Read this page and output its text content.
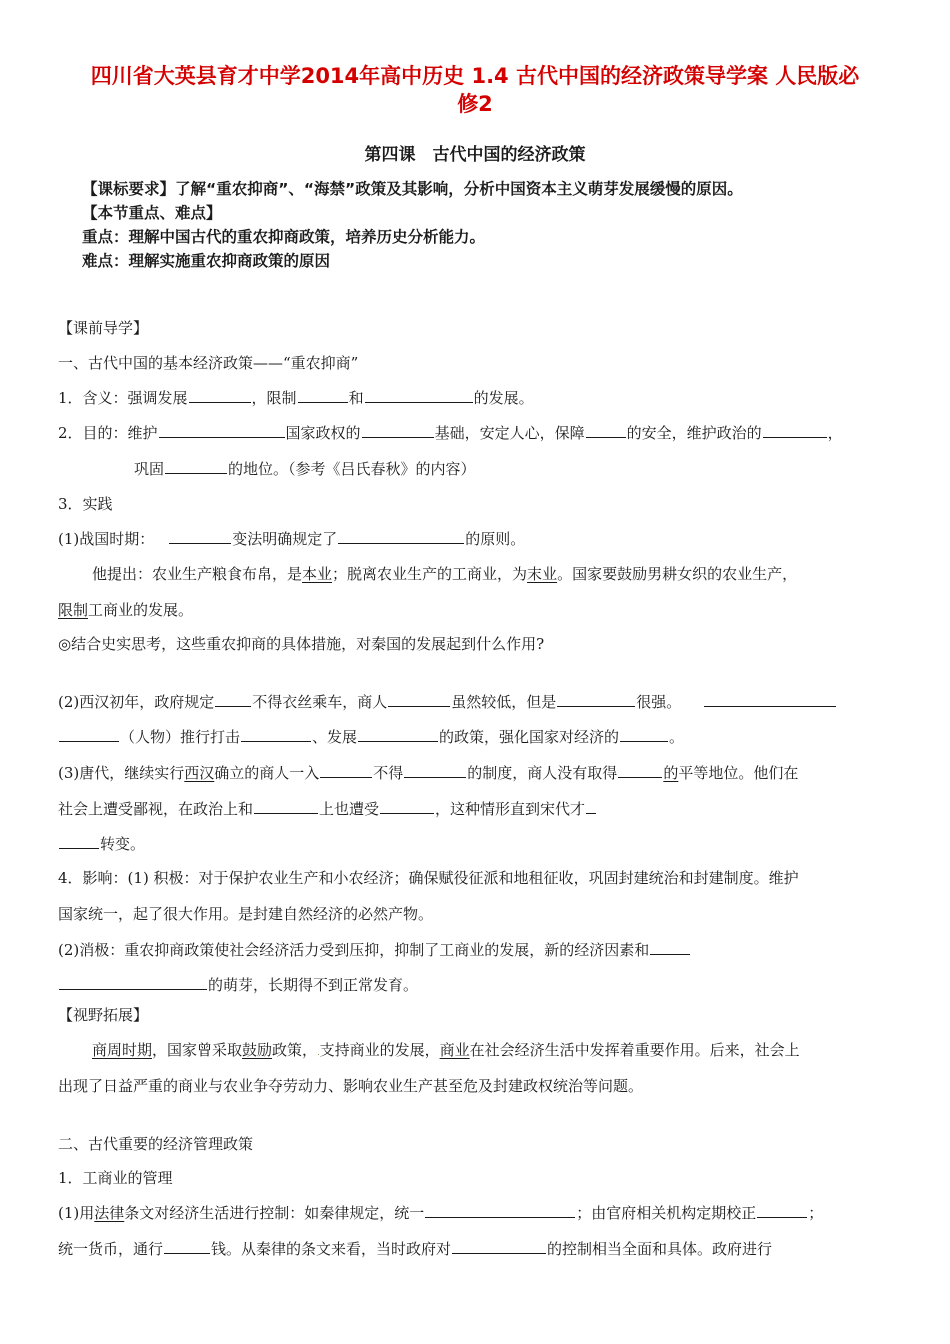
四川省大英县育才中学2014年高中历史 1.4 古代中国的经济政策导学案 人民版必
修2
第四课　古代中国的经济政策
【课标要求】了解“重农抑商”、“海禁”政策及其影响，分析中国资本主义萌芽发展缓慢的原因。
【本节重点、难点】
重点：理解中国古代的重农抑商政策，培养历史分析能力。
难点：理解实施重农抑商政策的原因
【课前导学】
一、古代中国的基本经济政策——“重农抑商”
1．含义：强调发展	，限制	和	的发展。
2．目的：维护	国家政权的	基础，安定人心，保障	的安全，维护政治的	，
巩固	的地位。（参考《吕氏春秋》的内容）
3．实践
(1)战国时期：	变法明确规定了	的原则。
他提出：农业生产粮食布帛，是本业；脱离农业生产的工商业，为末业。国家要鼓励男耕女织的农业生产，
限制工商业的发展。
◎结合史实思考，这些重农抑商的具体措施，对秦国的发展起到什么作用?
(2)西汉初年，政府规定	不得衣丝乘车，商人	虽然较低，但是	很强。
（人物）推行打击	、发展	的政策，强化国家对经济的	。
(3)唐代，继续实行西汉确立的商人一入	不得	的制度，商人没有取得	的平等地位。他们在
社会上遭受鄙视，在政治上和	上也遭受	，这种情形直到宋代才
转变。
4．影响：(1) 积极：对于保护农业生产和小农经济；确保赋役征派和地租征收，巩固封建统治和封建制度。维护
国家统一，起了很大作用。是封建自然经济的必然产物。
(2)消极：重农抑商政策使社会经济活力受到压抑，抑制了工商业的发展，新的经济因素和
的萌芽，长期得不到正常发育。
【视野拓展】
商周时期，国家曾采取鼓励政策，.支持商业的发展，商业在社会经济生活中发挥着重要作用。后来，社会上
出现了日益严重的商业与农业争夺劳动力、影响农业生产甚至危及封建政权统治等问题。
二、古代重要的经济管理政策
1．工商业的管理
(1)用法律条文对经济生活进行控制：如秦律规定，统一	；由官府相关机构定期校正	；
统一货币，通行	钱。从秦律的条文来看，当时政府对	的控制相当全面和具体。政府进行
